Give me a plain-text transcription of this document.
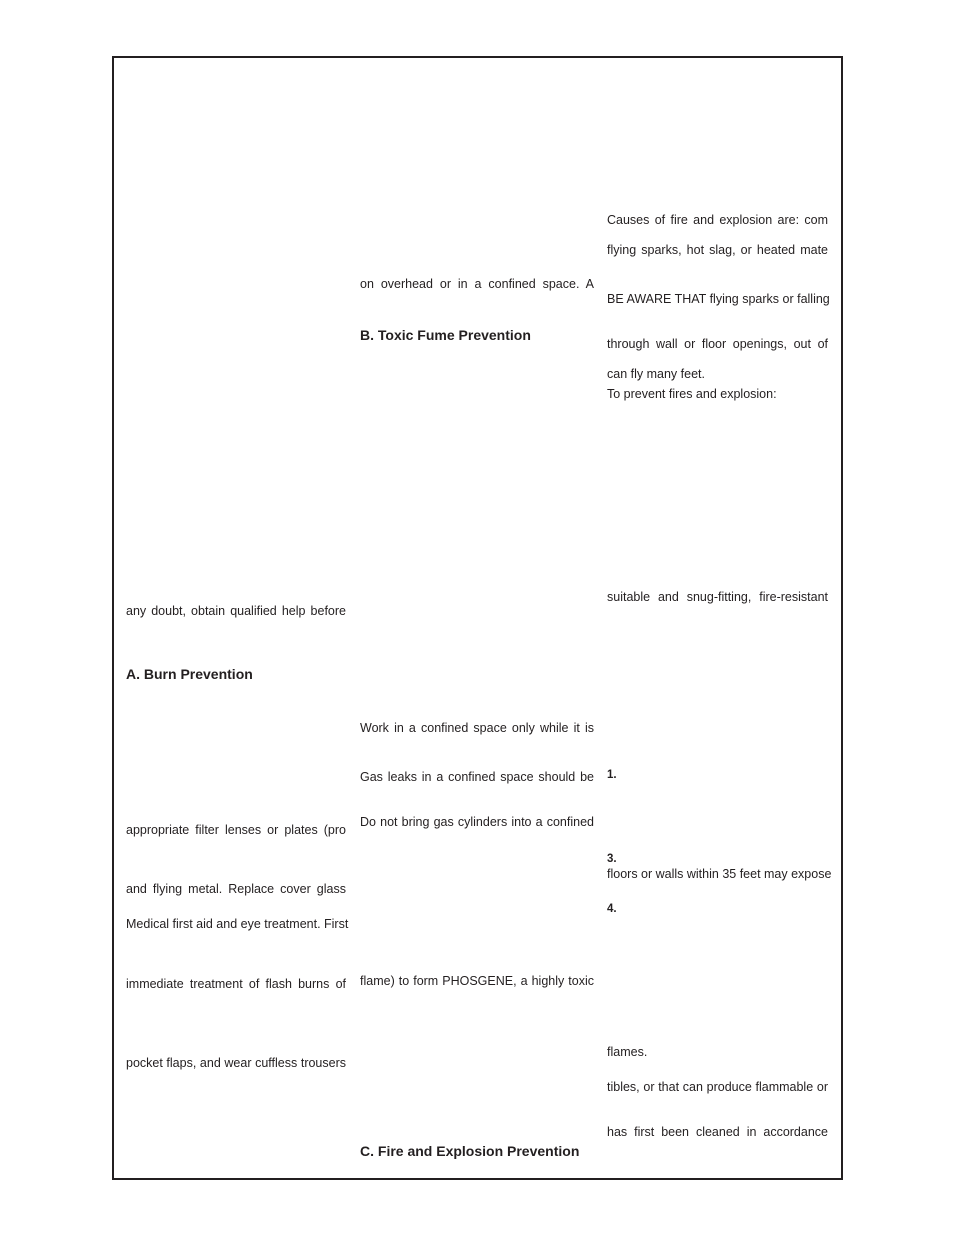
any doubt, obtain qualified help before
A. Burn Prevention
appropriate filter lenses or plates (pro
and flying metal. Replace cover glass
Medical first aid and eye treatment. First
immediate treatment of flash burns of
pocket flaps, and wear cuffless trousers
on overhead or in a confined space. A
B. Toxic Fume Prevention
Work in a confined space only while it is
Gas leaks in a confined space should be
Do not bring gas cylinders into a confined
flame) to form PHOSGENE, a highly toxic
C. Fire and Explosion Prevention
Causes of fire and explosion are: com
flying sparks, hot slag, or heated mate
BE AWARE THAT flying sparks or falling
through wall or floor openings, out of
can fly many feet.
To prevent fires and explosion:
suitable and snug-fitting, fire-resistant
1.
3.
floors or walls within 35 feet may expose
4.
flames.
tibles, or that can produce flammable or
has first been cleaned in accordance
